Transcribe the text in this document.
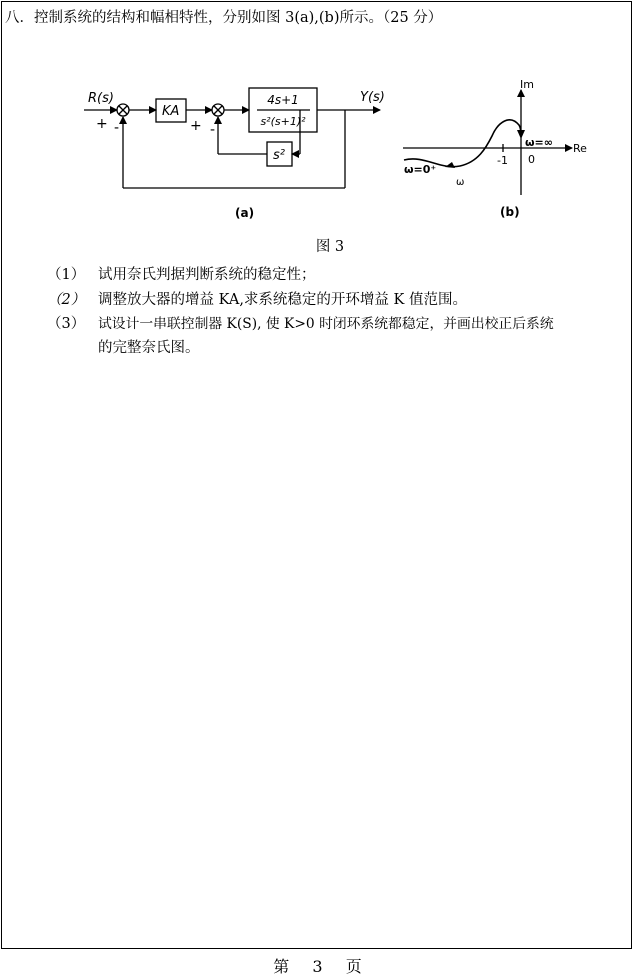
八．控制系统的结构和幅相特性，分别如图 3(a),(b)所示。（25 分）
R(s)	Y(s)
KA
4s+1
s²(s+1)²
s²
+ -	+ -
(a)
Im
Re
-1 0
ω=∞
ω=0⁺
ω
(b)
图 3
（1） 试用奈氏判据判断系统的稳定性；
（2） 调整放大器的增益 KA,求系统稳定的开环增益 K 值范围。
（3） 试设计一串联控制器 K(S), 使 K>0 时闭环系统都稳定，并画出校正后系统
的完整奈氏图。
第 3 页
